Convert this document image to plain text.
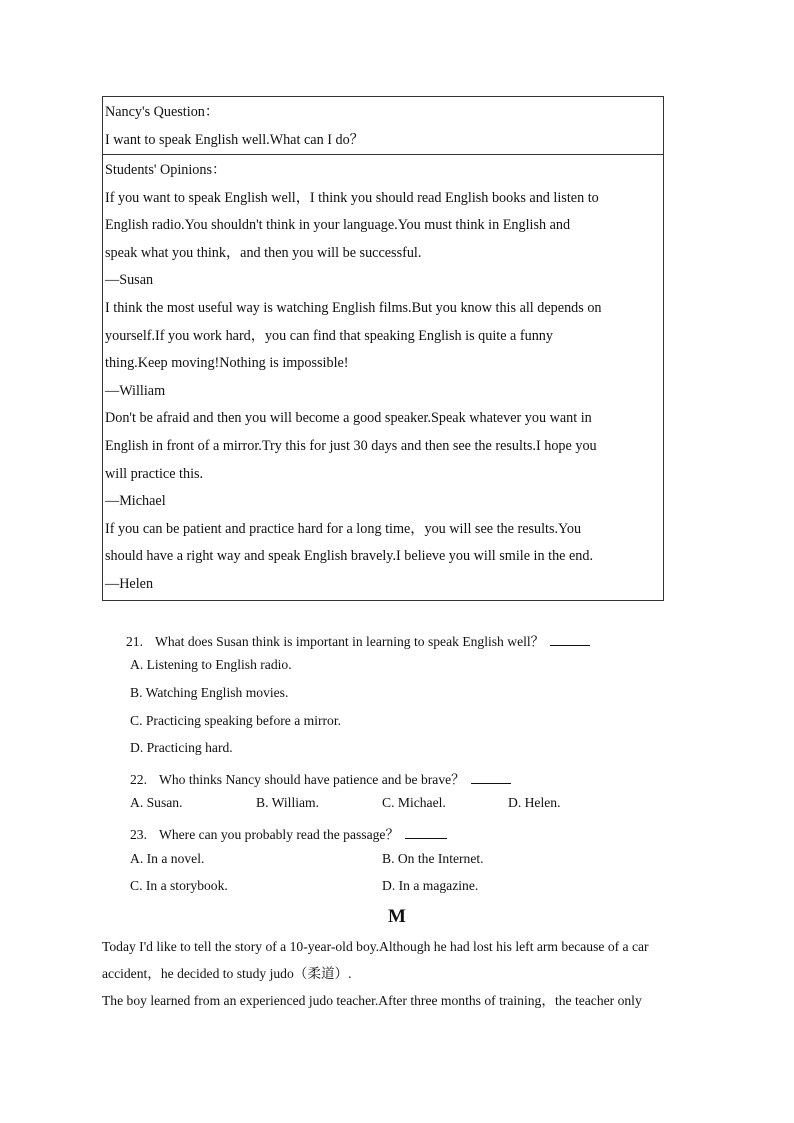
Nancy's Question：
I want to speak English well.What can I do？
Students' Opinions：
If you want to speak English well，I think you should read English books and listen to
English radio.You shouldn't think in your language.You must think in English and
speak what you think，and then you will be successful.
—Susan
I think the most useful way is watching English films.But you know this all depends on
yourself.If you work hard，you can find that speaking English is quite a funny
thing.Keep moving!Nothing is impossible!
—William
Don't be afraid and then you will become a good speaker.Speak whatever you want in
English in front of a mirror.Try this for just 30 days and then see the results.I hope you
will practice this.
—Michael
If you can be patient and practice hard for a long time，you will see the results.You
should have a right way and speak English bravely.I believe you will smile in the end.
—Helen
21. What does Susan think is important in learning to speak English well？
A. Listening to English radio.
B. Watching English movies.
C. Practicing speaking before a mirror.
D. Practicing hard.
22. Who thinks Nancy should have patience and be brave？
A. Susan.	B. William.	C. Michael.	D. Helen.
23. Where can you probably read the passage？
A. In a novel.	B. On the Internet.
C. In a storybook.	D. In a magazine.
M
Today I'd like to tell the story of a 10-year-old boy.Although he had lost his left arm because of a car
accident，he decided to study judo（柔道）.
The boy learned from an experienced judo teacher.After three months of training，the teacher only
